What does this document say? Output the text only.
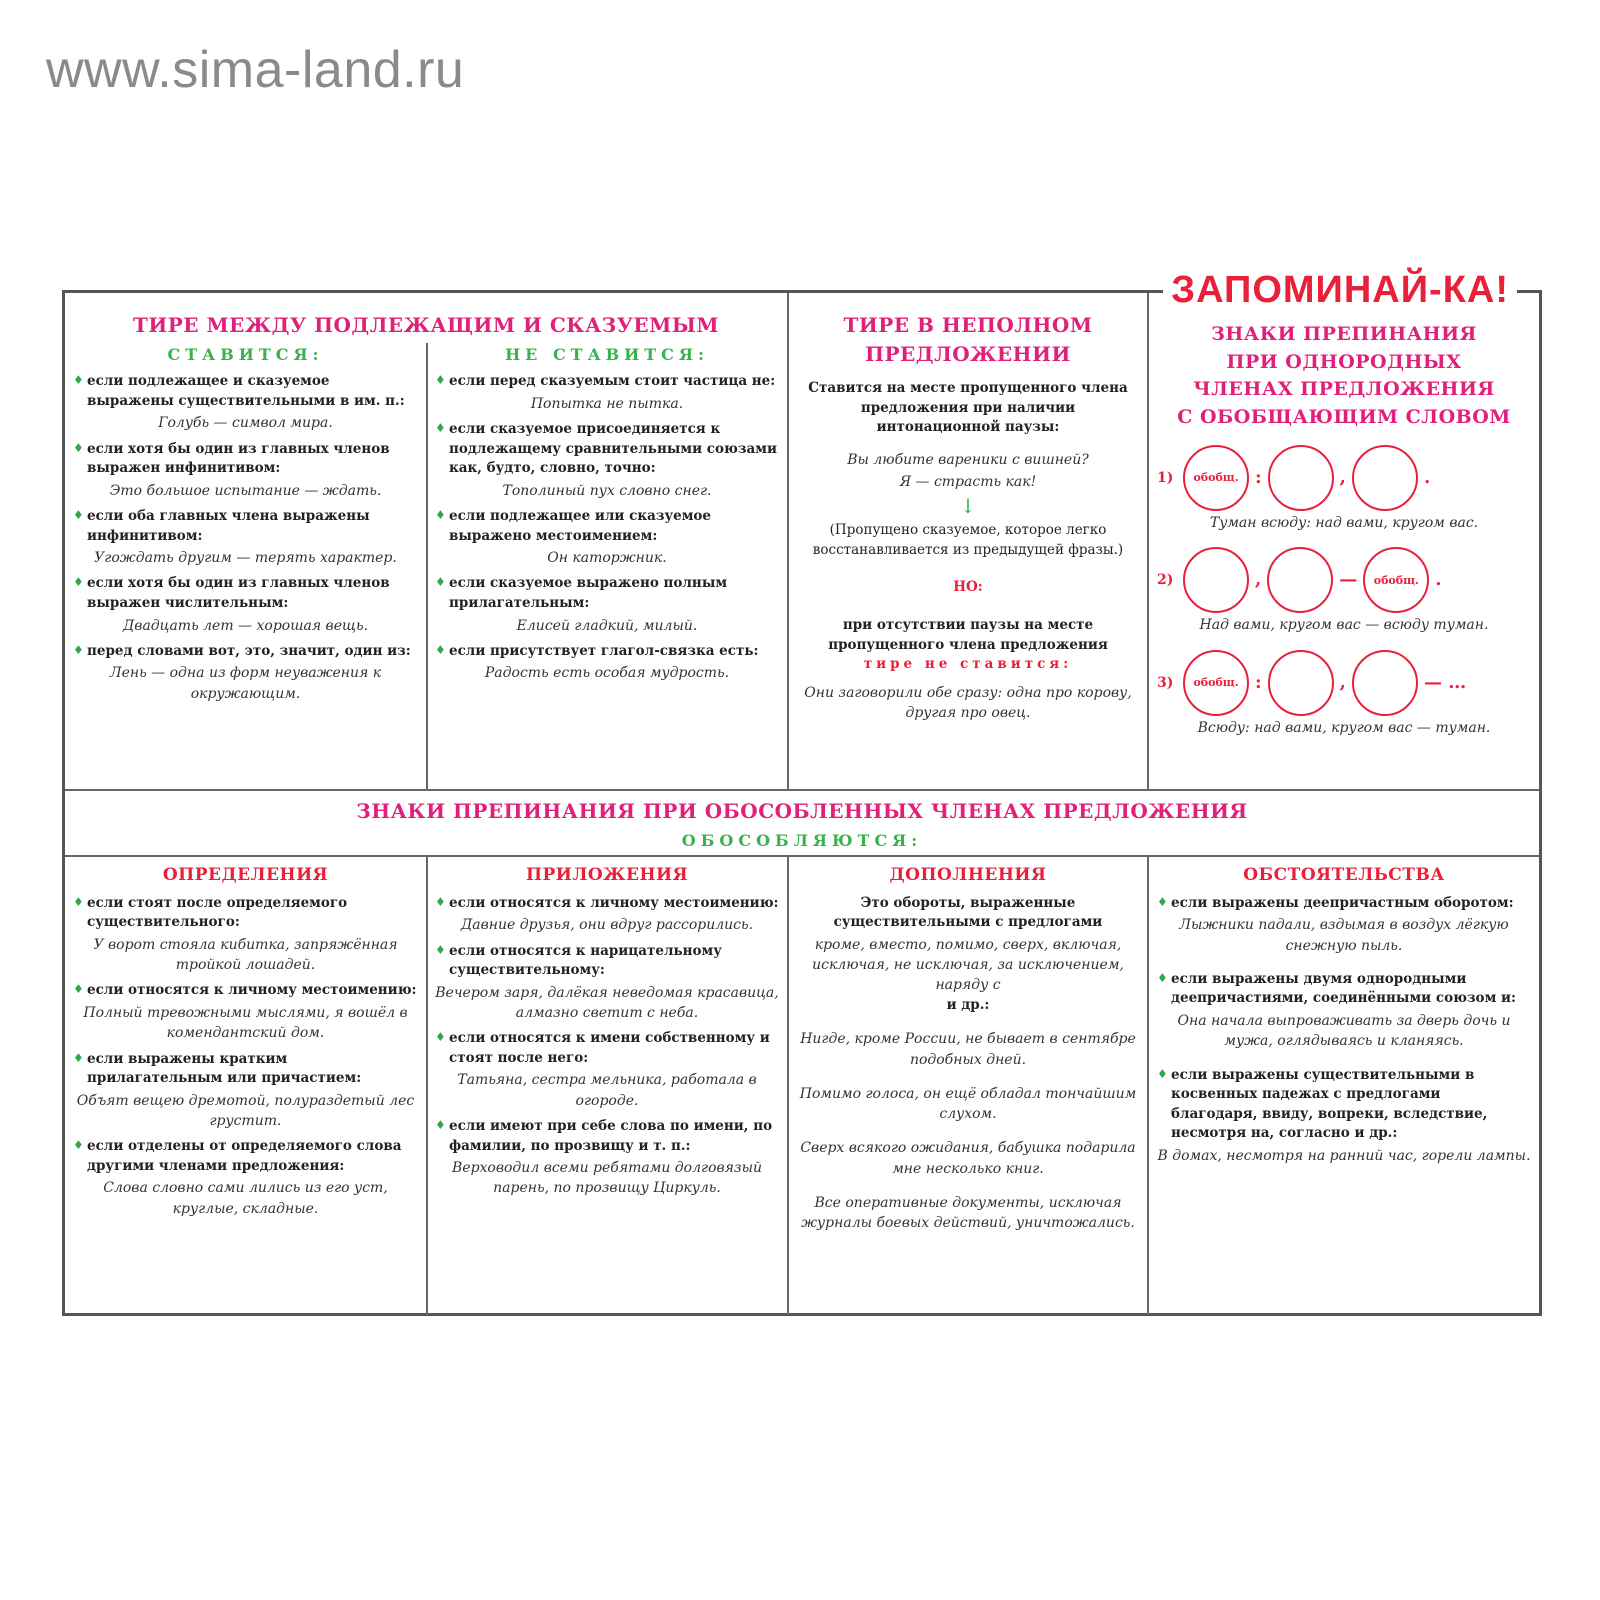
www.sima-land.ru
ЗАПОМИНАЙ-КА!
ТИРЕ МЕЖДУ ПОДЛЕЖАЩИМ И СКАЗУЕМЫМ
СТАВИТСЯ:
♦ если подлежащее и сказуемое выражены существительными в им. п.:
Голубь — символ мира.
♦ если хотя бы один из главных членов выражен инфинитивом:
Это большое испытание — ждать.
♦ если оба главных члена выражены инфинитивом:
Угождать другим — терять характер.
♦ если хотя бы один из главных членов выражен числительным:
Двадцать лет — хорошая вещь.
♦ перед словами вот, это, значит, один из:
Лень — одна из форм неуважения к окружающим.
НЕ СТАВИТСЯ:
♦ если перед сказуемым стоит частица не:
Попытка не пытка.
♦ если сказуемое присоединяется к подлежащему сравнительными союзами как, будто, словно, точно:
Тополиный пух словно снег.
♦ если подлежащее или сказуемое выражено местоимением:
Он каторжник.
♦ если сказуемое выражено полным прилагательным:
Елисей гладкий, милый.
♦ если присутствует глагол-связка есть:
Радость есть особая мудрость.
ТИРЕ В НЕПОЛНОМ
ПРЕДЛОЖЕНИИ
Ставится на месте пропущенного члена предложения при наличии интонационной паузы:
Вы любите вареники с вишней?
Я — страсть как!
↓
(Пропущено сказуемое, которое легко восстанавливается из предыдущей фразы.)
НО:
при отсутствии паузы на месте пропущенного члена предложения
тире не ставится:
Они заговорили обе сразу: одна про корову, другая про овец.
ЗНАКИ ПРЕПИНАНИЯ
ПРИ ОДНОРОДНЫХ
ЧЛЕНАХ ПРЕДЛОЖЕНИЯ
С ОБОБЩАЮЩИМ СЛОВОМ
1)	обобщ. :	,	.
Туман всюду: над вами, кругом вас.
2)	,	—	обобщ. .
Над вами, кругом вас — всюду туман.
3)	обобщ. :	,	— …
Всюду: над вами, кругом вас — туман.
ЗНАКИ ПРЕПИНАНИЯ ПРИ ОБОСОБЛЕННЫХ ЧЛЕНАХ ПРЕДЛОЖЕНИЯ
ОБОСОБЛЯЮТСЯ:
ОПРЕДЕЛЕНИЯ
♦ если стоят после определяемого существительного:
У ворот стояла кибитка, запряжённая тройкой лошадей.
♦ если относятся к личному местоимению:
Полный тревожными мыслями, я вошёл в комендантский дом.
♦ если выражены кратким прилагательным или причастием:
Объят вещею дремотой, полураздетый лес грустит.
♦ если отделены от определяемого слова другими членами предложения:
Слова словно сами лились из его уст, круглые, складные.
ПРИЛОЖЕНИЯ
♦ если относятся к личному местоимению:
Давние друзья, они вдруг рассорились.
♦ если относятся к нарицательному существительному:
Вечером заря, далёкая неведомая красавица, алмазно светит с неба.
♦ если относятся к имени собственному и стоят после него:
Татьяна, сестра мельника, работала в огороде.
♦ если имеют при себе слова по имени, по фамилии, по прозвищу и т. п.:
Верховодил всеми ребятами долговязый парень, по прозвищу Циркуль.
ДОПОЛНЕНИЯ
Это обороты, выраженные существительными с предлогами
кроме, вместо, помимо, сверх, включая, исключая, не исключая, за исключением, наряду с
и др.:
Нигде, кроме России, не бывает в сентябре подобных дней.
Помимо голоса, он ещё обладал тончайшим слухом.
Сверх всякого ожидания, бабушка подарила мне несколько книг.
Все оперативные документы, исключая журналы боевых действий, уничтожались.
ОБСТОЯТЕЛЬСТВА
♦ если выражены деепричастным оборотом:
Лыжники падали, вздымая в воздух лёгкую снежную пыль.
♦ если выражены двумя однородными деепричастиями, соединёнными союзом и:
Она начала выпроваживать за дверь дочь и мужа, оглядываясь и кланяясь.
♦ если выражены существительными в косвенных падежах с предлогами благодаря, ввиду, вопреки, вследствие, несмотря на, согласно и др.:
В домах, несмотря на ранний час, горели лампы.
